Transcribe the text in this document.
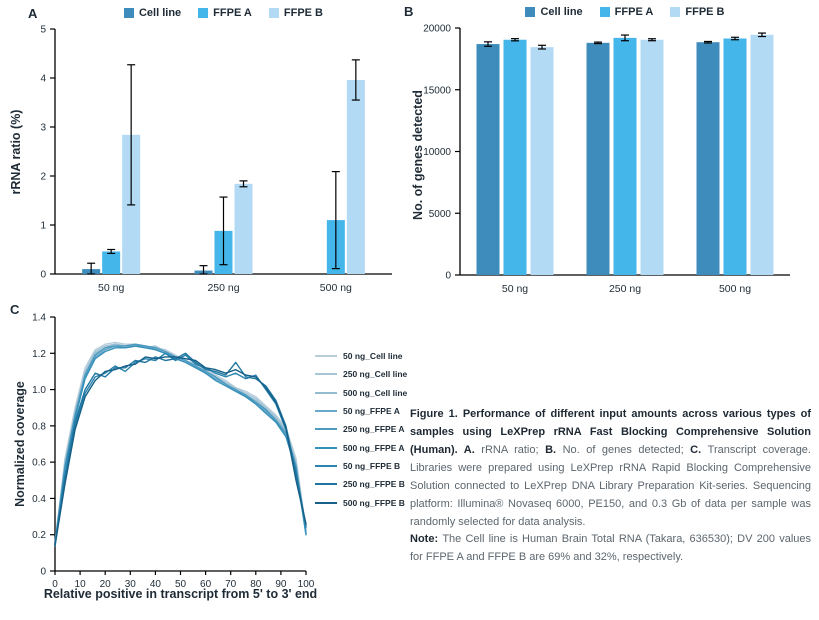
A	Cell line	FFPE A	FFPE B
0
1
2
3
4
5
50 ng	250 ng	500 ng
rRNA ratio (%)
B	Cell line	FFPE A	FFPE B
0
5000
10000
15000
20000
50 ng	250 ng	500 ng
No. of genes detected
C
0
0.2
0.4
0.6
0.8
1.0
1.2
1.4
0 10 20 30 40 50 60 70 80 90 100
50 ng_Cell line
250 ng_Cell line
500 ng_Cell line
50 ng_FFPE A
250 ng_FFPE A
500 ng_FFPE A
50 ng_FFPE B
250 ng_FFPE B
500 ng_FFPE B
Normalized coverage
Relative positive in transcript from 5' to 3' end
Figure 1. Performance of different input amounts across various types of samples using LeXPrep rRNA Fast Blocking Comprehensive Solution (Human). A. rRNA ratio; B. No. of genes detected; C. Transcript coverage. Libraries were prepared using LeXPrep rRNA Rapid Blocking Comprehensive Solution connected to LeXPrep DNA Library Preparation Kit-series. Sequencing platform: Illumina® Novaseq 6000, PE150, and 0.3 Gb of data per sample was randomly selected for data analysis.
Note: The Cell line is Human Brain Total RNA (Takara, 636530); DV 200 values for FFPE A and FFPE B are 69% and 32%, respectively.
